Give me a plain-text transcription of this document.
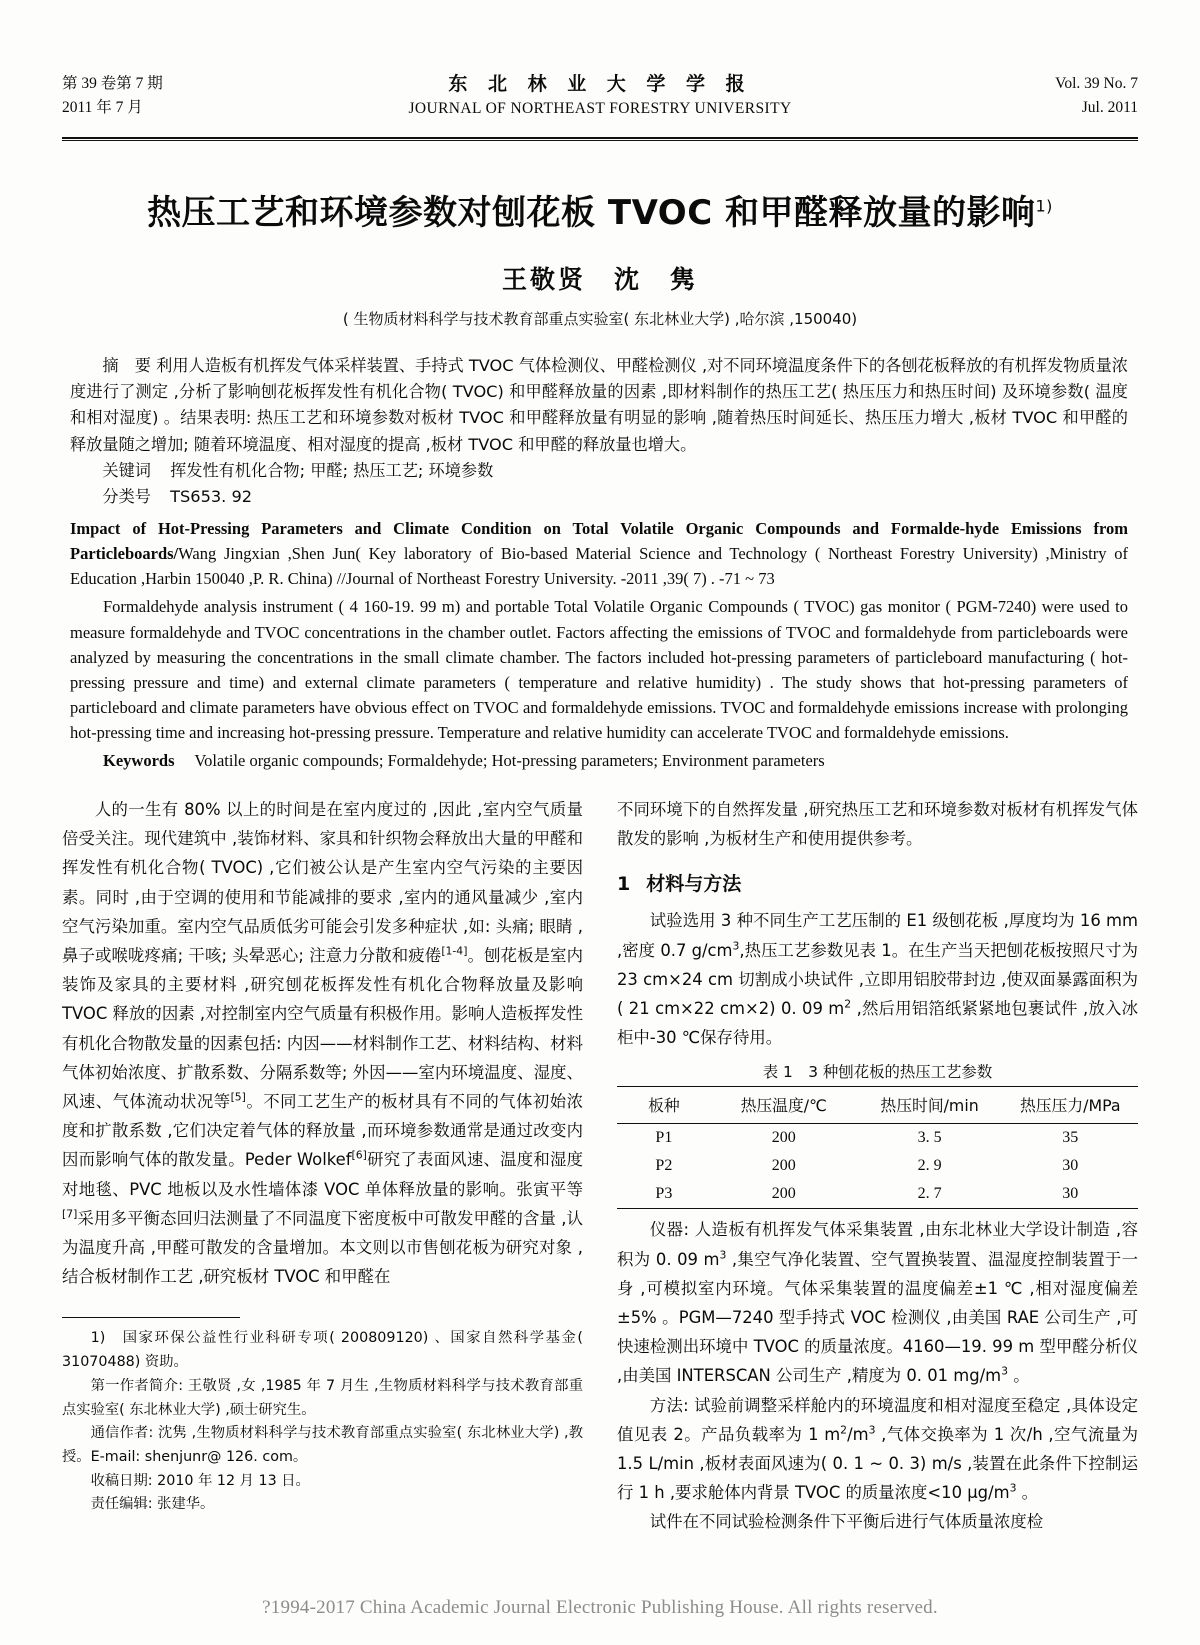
第 39 卷第 7 期
2011 年 7 月
东 北 林 业 大 学 学 报
JOURNAL OF NORTHEAST FORESTRY UNIVERSITY
Vol. 39 No. 7
Jul. 2011
热压工艺和环境参数对刨花板 TVOC 和甲醛释放量的影响$^{1)}$
王敬贤　沈　隽
( 生物质材料科学与技术教育部重点实验室( 东北林业大学) ,哈尔滨 ,150040)
摘　要 利用人造板有机挥发气体采样装置、手持式 TVOC 气体检测仪、甲醛检测仪 ,对不同环境温度条件下的各刨花板释放的有机挥发物质量浓度进行了测定 ,分析了影响刨花板挥发性有机化合物( TVOC) 和甲醛释放量的因素 ,即材料制作的热压工艺( 热压压力和热压时间) 及环境参数( 温度和相对湿度) 。结果表明: 热压工艺和环境参数对板材 TVOC 和甲醛释放量有明显的影响 ,随着热压时间延长、热压压力增大 ,板材 TVOC 和甲醛的释放量随之增加; 随着环境温度、相对湿度的提高 ,板材 TVOC 和甲醛的释放量也增大。
关键词 挥发性有机化合物; 甲醛; 热压工艺; 环境参数
分类号 TS653. 92
Impact of Hot-Pressing Parameters and Climate Condition on Total Volatile Organic Compounds and Formalde-hyde Emissions from Particleboards/Wang Jingxian ,Shen Jun( Key laboratory of Bio-based Material Science and Technology ( Northeast Forestry University) ,Ministry of Education ,Harbin 150040 ,P. R. China) //Journal of Northeast Forestry University. -2011 ,39( 7) . -71 ~ 73
Formaldehyde analysis instrument ( 4 160-19. 99 m) and portable Total Volatile Organic Compounds ( TVOC) gas monitor ( PGM-7240) were used to measure formaldehyde and TVOC concentrations in the chamber outlet. Factors affecting the emissions of TVOC and formaldehyde from particleboards were analyzed by measuring the concentrations in the small climate chamber. The factors included hot-pressing parameters of particleboard manufacturing ( hot-pressing pressure and time) and external climate parameters ( temperature and relative humidity) . The study shows that hot-pressing parameters of particleboard and climate parameters have obvious effect on TVOC and formaldehyde emissions. TVOC and formaldehyde emissions increase with prolonging hot-pressing time and increasing hot-pressing pressure. Temperature and relative humidity can accelerate TVOC and formaldehyde emissions.
Keywords Volatile organic compounds; Formaldehyde; Hot-pressing parameters; Environment parameters

人的一生有 80% 以上的时间是在室内度过的 ,因此 ,室内空气质量倍受关注。现代建筑中 ,装饰材料、家具和针织物会释放出大量的甲醛和挥发性有机化合物( TVOC) ,它们被公认是产生室内空气污染的主要因素。同时 ,由于空调的使用和节能减排的要求 ,室内的通风量减少 ,室内空气污染加重。室内空气品质低劣可能会引发多种症状 ,如: 头痛; 眼睛 ,鼻子或喉咙疼痛; 干咳; 头晕恶心; 注意力分散和疲倦[1-4]。刨花板是室内装饰及家具的主要材料 ,研究刨花板挥发性有机化合物释放量及影响 TVOC 释放的因素 ,对控制室内空气质量有积极作用。影响人造板挥发性有机化合物散发量的因素包括: 内因——材料制作工艺、材料结构、材料气体初始浓度、扩散系数、分隔系数等; 外因——室内环境温度、湿度、风速、气体流动状况等[5]。不同工艺生产的板材具有不同的气体初始浓度和扩散系数 ,它们决定着气体的释放量 ,而环境参数通常是通过改变内因而影响气体的散发量。Peder Wolkef[6]研究了表面风速、温度和湿度对地毯、PVC 地板以及水性墙体漆 VOC 单体释放量的影响。张寅平等[7]采用多平衡态回归法测量了不同温度下密度板中可散发甲醛的含量 ,认为温度升高 ,甲醛可散发的含量增加。本文则以市售刨花板为研究对象 ,结合板材制作工艺 ,研究板材 TVOC 和甲醛在

1)　国家环保公益性行业科研专项( 200809120) 、国家自然科学基金( 31070488) 资助。

第一作者简介: 王敬贤 ,女 ,1985 年 7 月生 ,生物质材料科学与技术教育部重点实验室( 东北林业大学) ,硕士研究生。

通信作者: 沈隽 ,生物质材料科学与技术教育部重点实验室( 东北林业大学) ,教授。E-mail: shenjunr@ 126. com。

收稿日期: 2010 年 12 月 13 日。

责任编辑: 张建华。

不同环境下的自然挥发量 ,研究热压工艺和环境参数对板材有机挥发气体散发的影响 ,为板材生产和使用提供参考。

1 材料与方法

试验选用 3 种不同生产工艺压制的 E1 级刨花板 ,厚度均为 16 mm ,密度 0.7 $g/cm^3$,热压工艺参数见表 1。在生产当天把刨花板按照尺寸为 23 cm×24 cm 切割成小块试件 ,立即用铝胶带封边 ,使双面暴露面积为( 21 cm×22 cm×2) 0. 09 $m^2$ ,然后用铝箔纸紧紧地包裹试件 ,放入冰柜中-30 ℃保存待用。

表 1　3 种刨花板的热压工艺参数
板种	热压温度/℃	热压时间/min	热压压力/MPa
P1	200	3. 5	35
P2	200	2. 9	30
P3	200	2. 7	30

仪器: 人造板有机挥发气体采集装置 ,由东北林业大学设计制造 ,容积为 0. 09 $m^3$ ,集空气净化装置、空气置换装置、温湿度控制装置于一身 ,可模拟室内环境。气体采集装置的温度偏差±1 ℃ ,相对湿度偏差±5% 。PGM—7240 型手持式 VOC 检测仪 ,由美国 RAE 公司生产 ,可快速检测出环境中 TVOC 的质量浓度。4160—19. 99 m 型甲醛分析仪 ,由美国 INTERSCAN 公司生产 ,精度为 0. 01 $mg/m^3$ 。

方法: 试验前调整采样舱内的环境温度和相对湿度至稳定 ,具体设定值见表 2。产品负载率为 1 $m^2/m^3$ ,气体交换率为 1 次/h ,空气流量为 1.5 L/min ,板材表面风速为( 0. 1 ~ 0. 3) m/s ,装置在此条件下控制运行 1 h ,要求舱体内背景 TVOC 的质量浓度<10 $\mu g/m^3$ 。

试件在不同试验检测条件下平衡后进行气体质量浓度检

?1994-2017 China Academic Journal Electronic Publishing House. All rights reserved.
